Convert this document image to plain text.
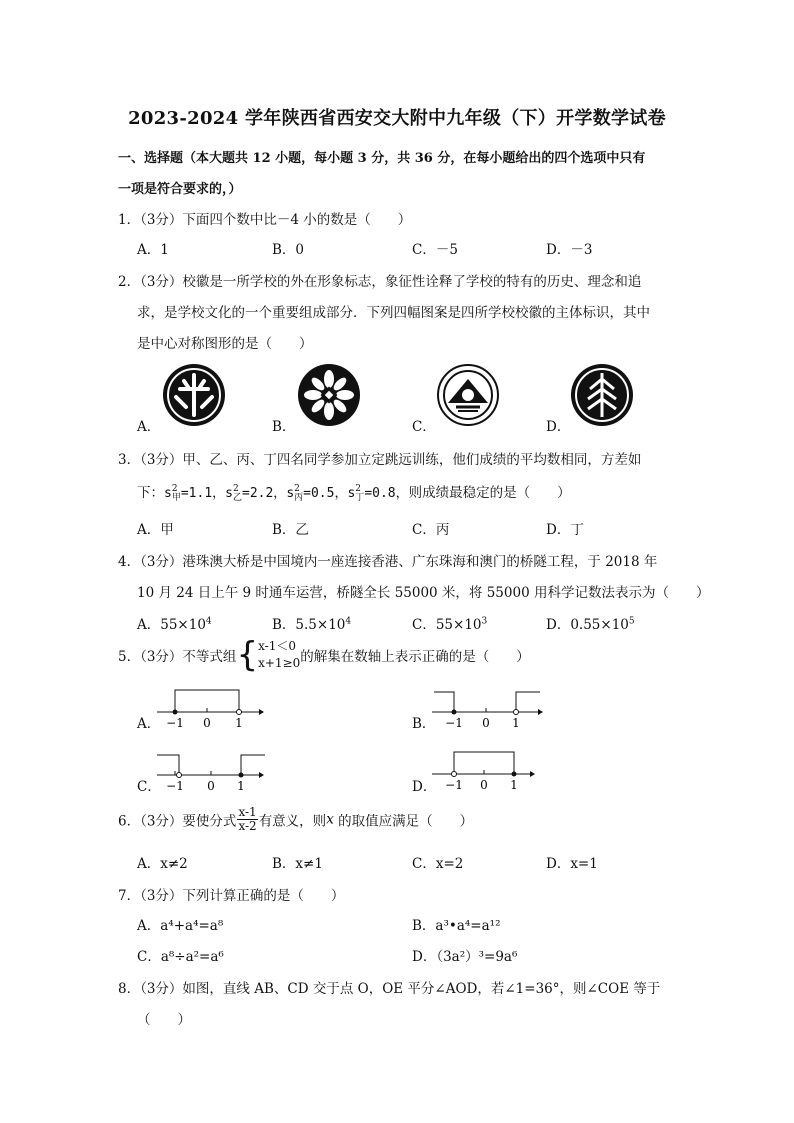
2023-2024 学年陕西省西安交大附中九年级（下）开学数学试卷
一、选择题（本大题共 12 小题，每小题 3 分，共 36 分，在每小题给出的四个选项中只有
一项是符合要求的，）
1．（3分）下面四个数中比－4 小的数是（　　）
A．1	B．0	C．－5	D．－3
2．（3分）校徽是一所学校的外在形象标志，象征性诠释了学校的特有的历史、理念和追
求，是学校文化的一个重要组成部分．下列四幅图案是四所学校校徽的主体标识，其中
是中心对称图形的是（　　）
A．	B．	C．	D．
3．（3分）甲、乙、丙、丁四名同学参加立定跳远训练，他们成绩的平均数相同，方差如
下：s 2
甲 =1.1，s 2
乙 =2.2，s 2
丙 =0.5，s 2
丁 =0.8，则成绩最稳定的是（　　）
A．甲	B．乙	C．丙	D．丁
4．（3分）港珠澳大桥是中国境内一座连接香港、广东珠海和澳门的桥隧工程，于 2018 年
10 月 24 日上午 9 时通车运营，桥隧全长 55000 米，将 55000 用科学记数法表示为（　　）
A．$55\times 10^4$	B．$5.5\times 10^4$	C．$55\times 10^3$	D．$0.55\times 10^5$
5．（3分）不等式组{ x-1＜0
x+1≥0 的解集在数轴上表示正确的是（　　）
A． −1 0 1	B． −1 0 1
C． −1 0 1	D． −1 0 1
6．（3分）要使分式 $\frac{x-1}{x-2}$ 有意义，则x 的取值应满足（　　）
A．x≠2	B．x≠1	C．x=2	D．x=1
7．（3分）下列计算正确的是（　　）
A．a⁴+a⁴=a⁸	B．a³•a⁴=a¹²
C．a⁸÷a²=a⁶	D．（3a²）³=9a⁶
8．（3分）如图，直线 AB、CD 交于点 O，OE 平分∠AOD，若∠1=36°，则∠COE 等于
（　　）
